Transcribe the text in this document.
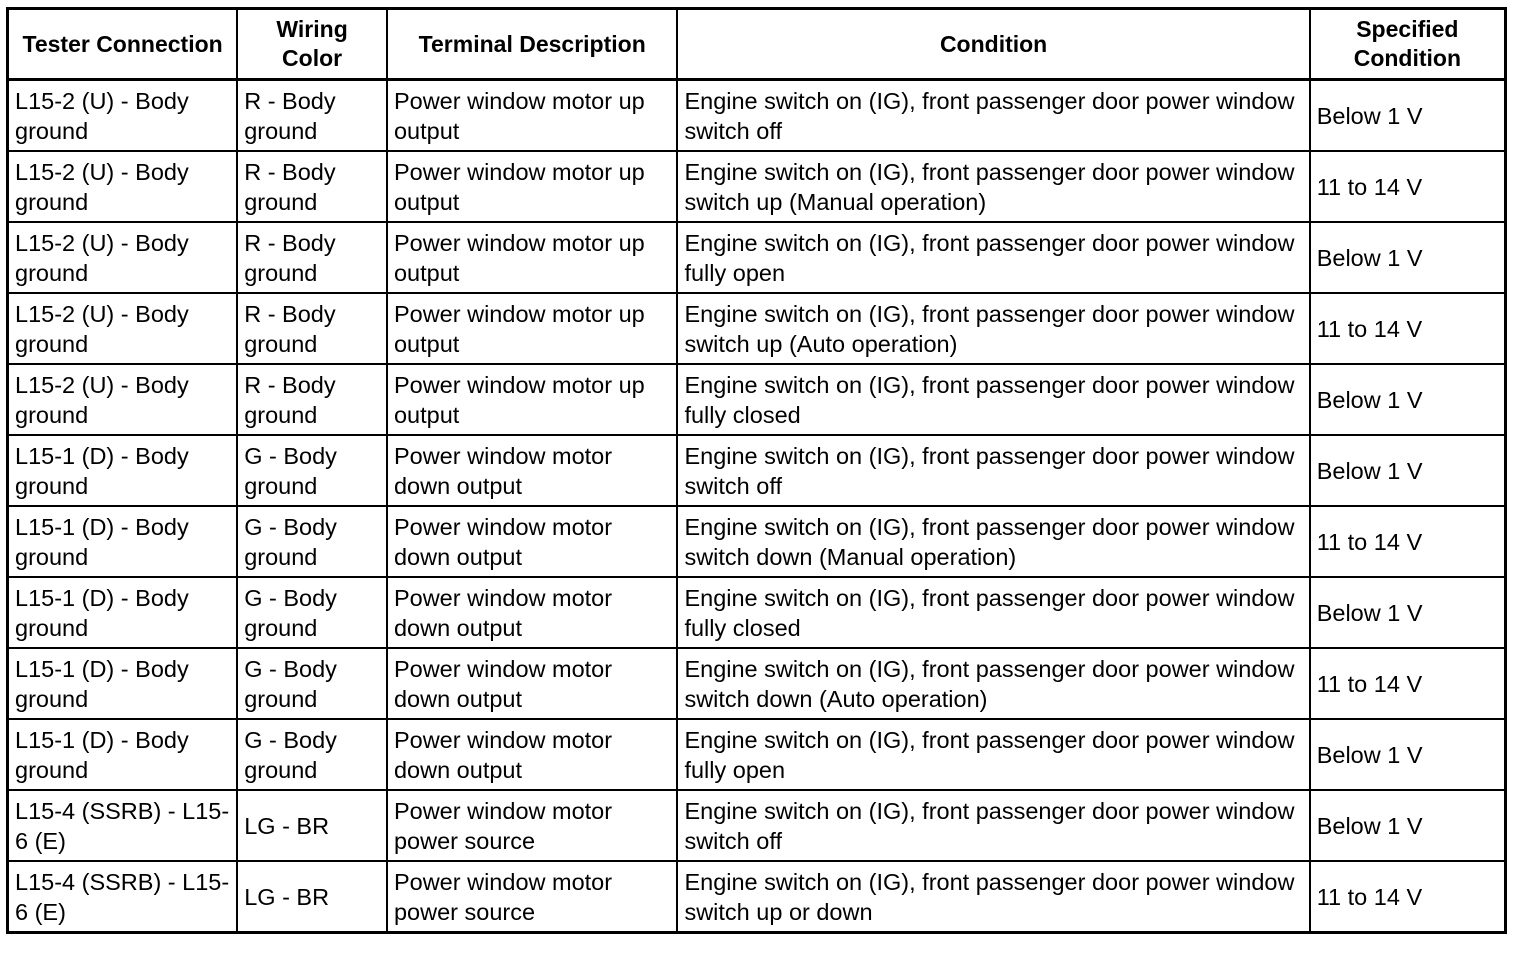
Tester Connection	Wiring Color	Terminal Description	Condition	Specified Condition
L15-2 (U) - Body ground	R - Body ground	Power window motor up output	Engine switch on (IG), front passenger door power window switch off	Below 1 V
L15-2 (U) - Body ground	R - Body ground	Power window motor up output	Engine switch on (IG), front passenger door power window switch up (Manual operation)	11 to 14 V
L15-2 (U) - Body ground	R - Body ground	Power window motor up output	Engine switch on (IG), front passenger door power window fully open	Below 1 V
L15-2 (U) - Body ground	R - Body ground	Power window motor up output	Engine switch on (IG), front passenger door power window switch up (Auto operation)	11 to 14 V
L15-2 (U) - Body ground	R - Body ground	Power window motor up output	Engine switch on (IG), front passenger door power window fully closed	Below 1 V
L15-1 (D) - Body ground	G - Body ground	Power window motor down output	Engine switch on (IG), front passenger door power window switch off	Below 1 V
L15-1 (D) - Body ground	G - Body ground	Power window motor down output	Engine switch on (IG), front passenger door power window switch down (Manual operation)	11 to 14 V
L15-1 (D) - Body ground	G - Body ground	Power window motor down output	Engine switch on (IG), front passenger door power window fully closed	Below 1 V
L15-1 (D) - Body ground	G - Body ground	Power window motor down output	Engine switch on (IG), front passenger door power window switch down (Auto operation)	11 to 14 V
L15-1 (D) - Body ground	G - Body ground	Power window motor down output	Engine switch on (IG), front passenger door power window fully open	Below 1 V
L15-4 (SSRB) - L15-6 (E)	LG - BR	Power window motor power source	Engine switch on (IG), front passenger door power window switch off	Below 1 V
L15-4 (SSRB) - L15-6 (E)	LG - BR	Power window motor power source	Engine switch on (IG), front passenger door power window switch up or down	11 to 14 V
